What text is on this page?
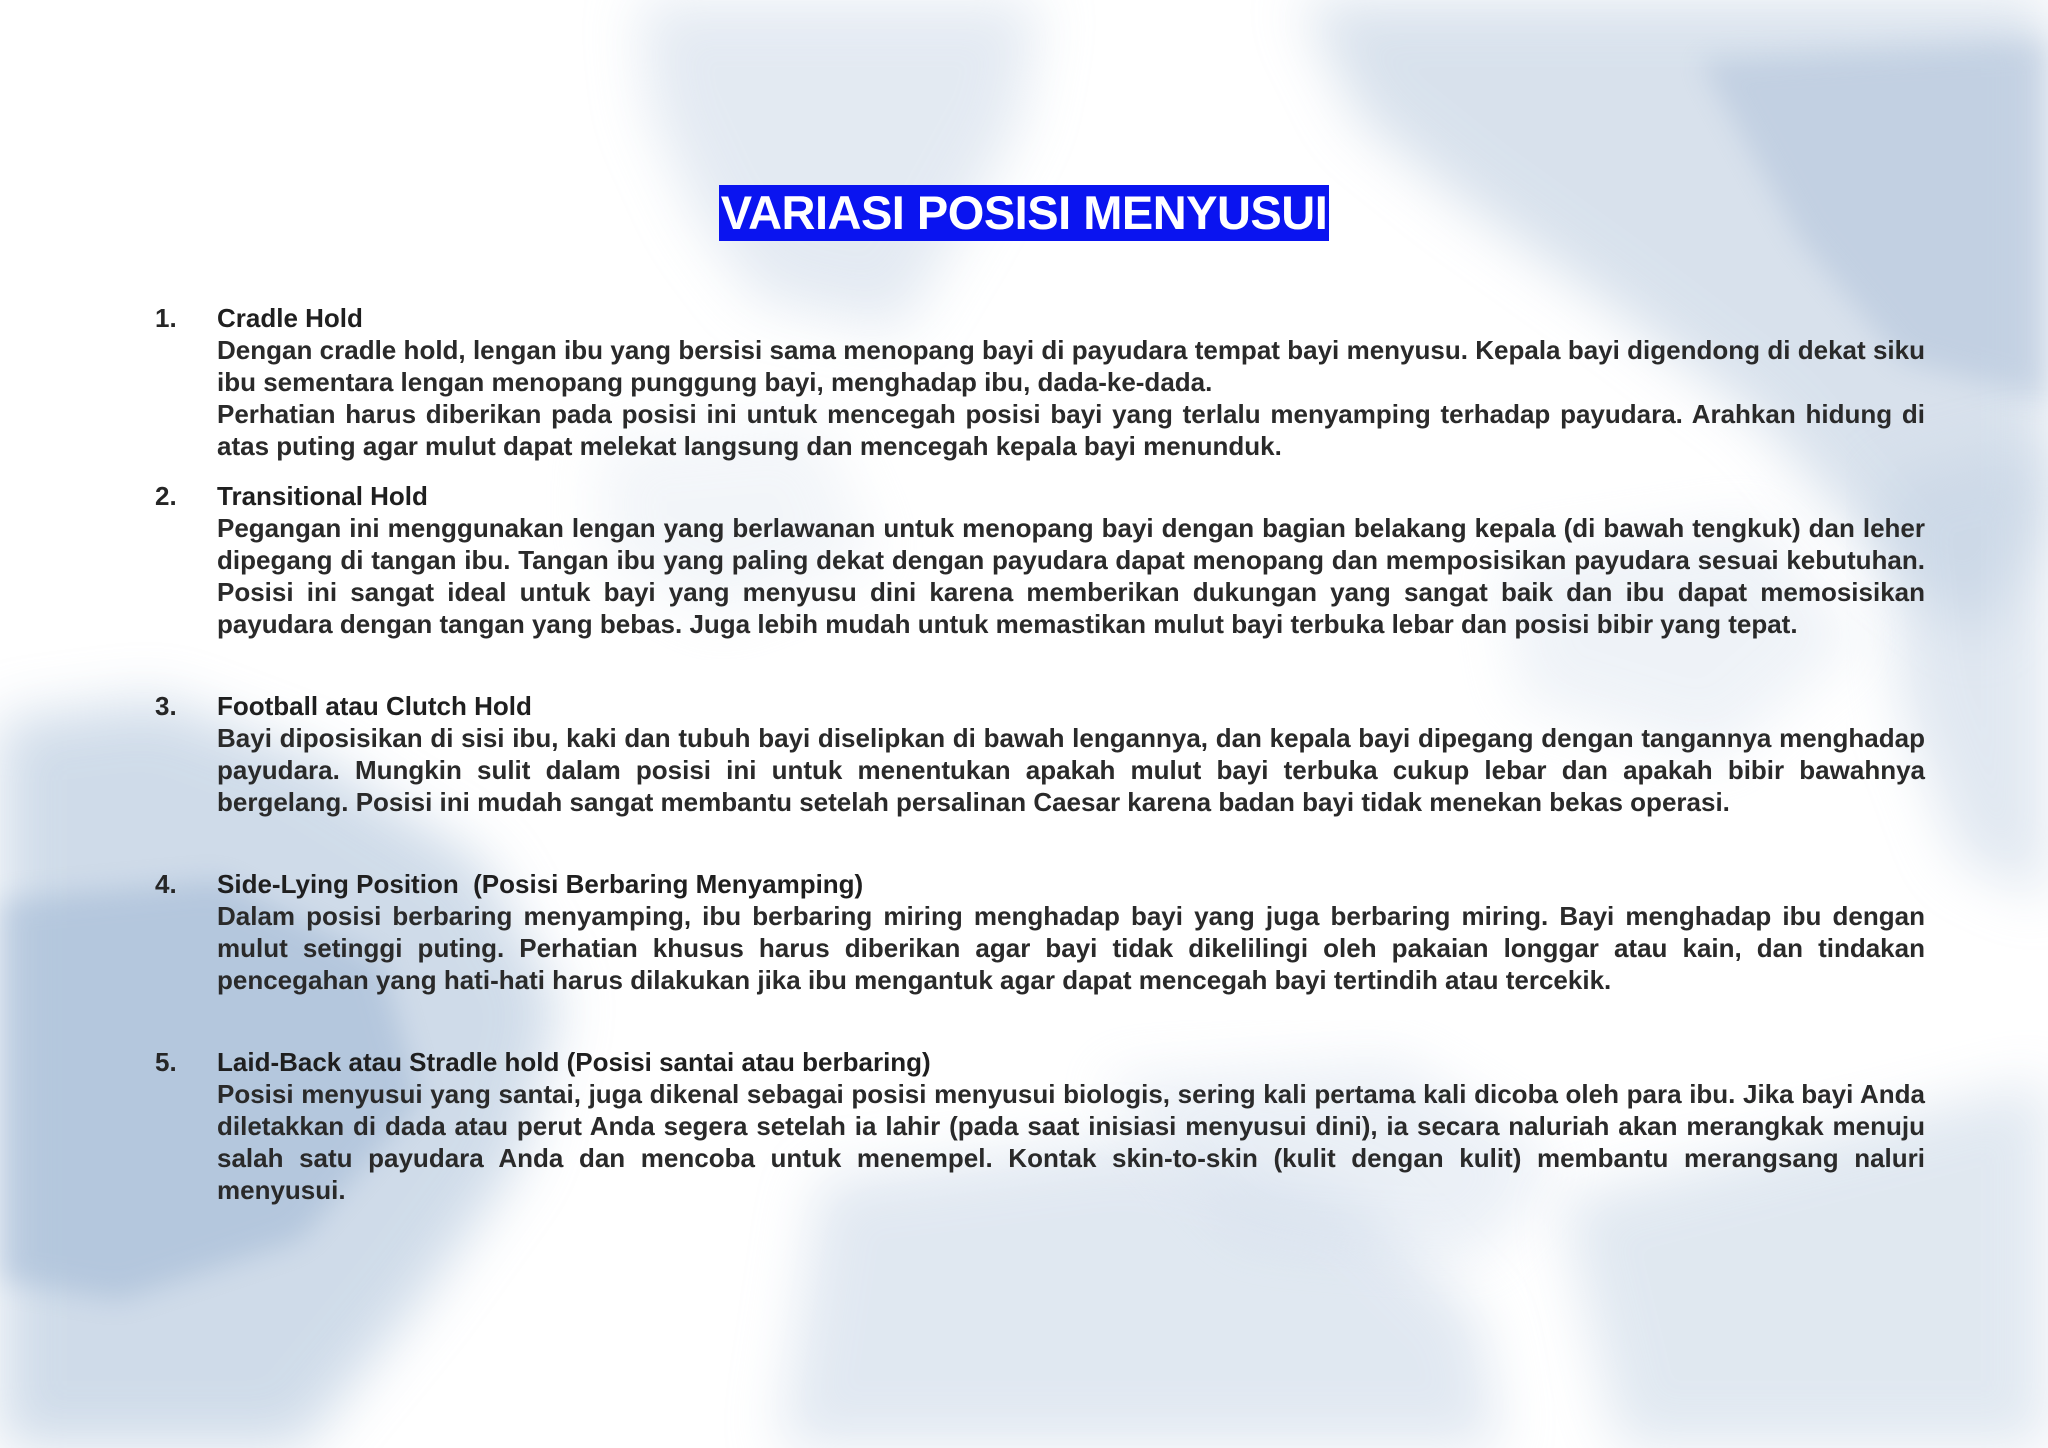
VARIASI POSISI MENYUSUI
1.	Cradle Hold
Dengan cradle hold, lengan ibu yang bersisi sama menopang bayi di payudara tempat bayi menyusu. Kepala bayi digendong di dekat siku ibu sementara lengan menopang punggung bayi, menghadap ibu, dada-ke-dada.
Perhatian harus diberikan pada posisi ini untuk mencegah posisi bayi yang terlalu menyamping terhadap payudara. Arahkan hidung di atas puting agar mulut dapat melekat langsung dan mencegah kepala bayi menunduk.
2.	Transitional Hold
Pegangan ini menggunakan lengan yang berlawanan untuk menopang bayi dengan bagian belakang kepala (di bawah tengkuk) dan leher dipegang di tangan ibu. Tangan ibu yang paling dekat dengan payudara dapat menopang dan memposisikan payudara sesuai kebutuhan. Posisi ini sangat ideal untuk bayi yang menyusu dini karena memberikan dukungan yang sangat baik dan ibu dapat memosisikan payudara dengan tangan yang bebas. Juga lebih mudah untuk memastikan mulut bayi terbuka lebar dan posisi bibir yang tepat.
3.	Football atau Clutch Hold
Bayi diposisikan di sisi ibu, kaki dan tubuh bayi diselipkan di bawah lengannya, dan kepala bayi dipegang dengan tangannya menghadap payudara. Mungkin sulit dalam posisi ini untuk menentukan apakah mulut bayi terbuka cukup lebar dan apakah bibir bawahnya bergelang. Posisi ini mudah sangat membantu setelah persalinan Caesar karena badan bayi tidak menekan bekas operasi.
4.	Side-Lying Position  (Posisi Berbaring Menyamping)
Dalam posisi berbaring menyamping, ibu berbaring miring menghadap bayi yang juga berbaring miring. Bayi menghadap ibu dengan mulut setinggi puting. Perhatian khusus harus diberikan agar bayi tidak dikelilingi oleh pakaian longgar atau kain, dan tindakan pencegahan yang hati-hati harus dilakukan jika ibu mengantuk agar dapat mencegah bayi tertindih atau tercekik.
5.	Laid-Back atau Stradle hold (Posisi santai atau berbaring)
Posisi menyusui yang santai, juga dikenal sebagai posisi menyusui biologis, sering kali pertama kali dicoba oleh para ibu. Jika bayi Anda diletakkan di dada atau perut Anda segera setelah ia lahir (pada saat inisiasi menyusui dini), ia secara naluriah akan merangkak menuju salah satu payudara Anda dan mencoba untuk menempel. Kontak skin-to-skin (kulit dengan kulit) membantu merangsang naluri menyusui.
